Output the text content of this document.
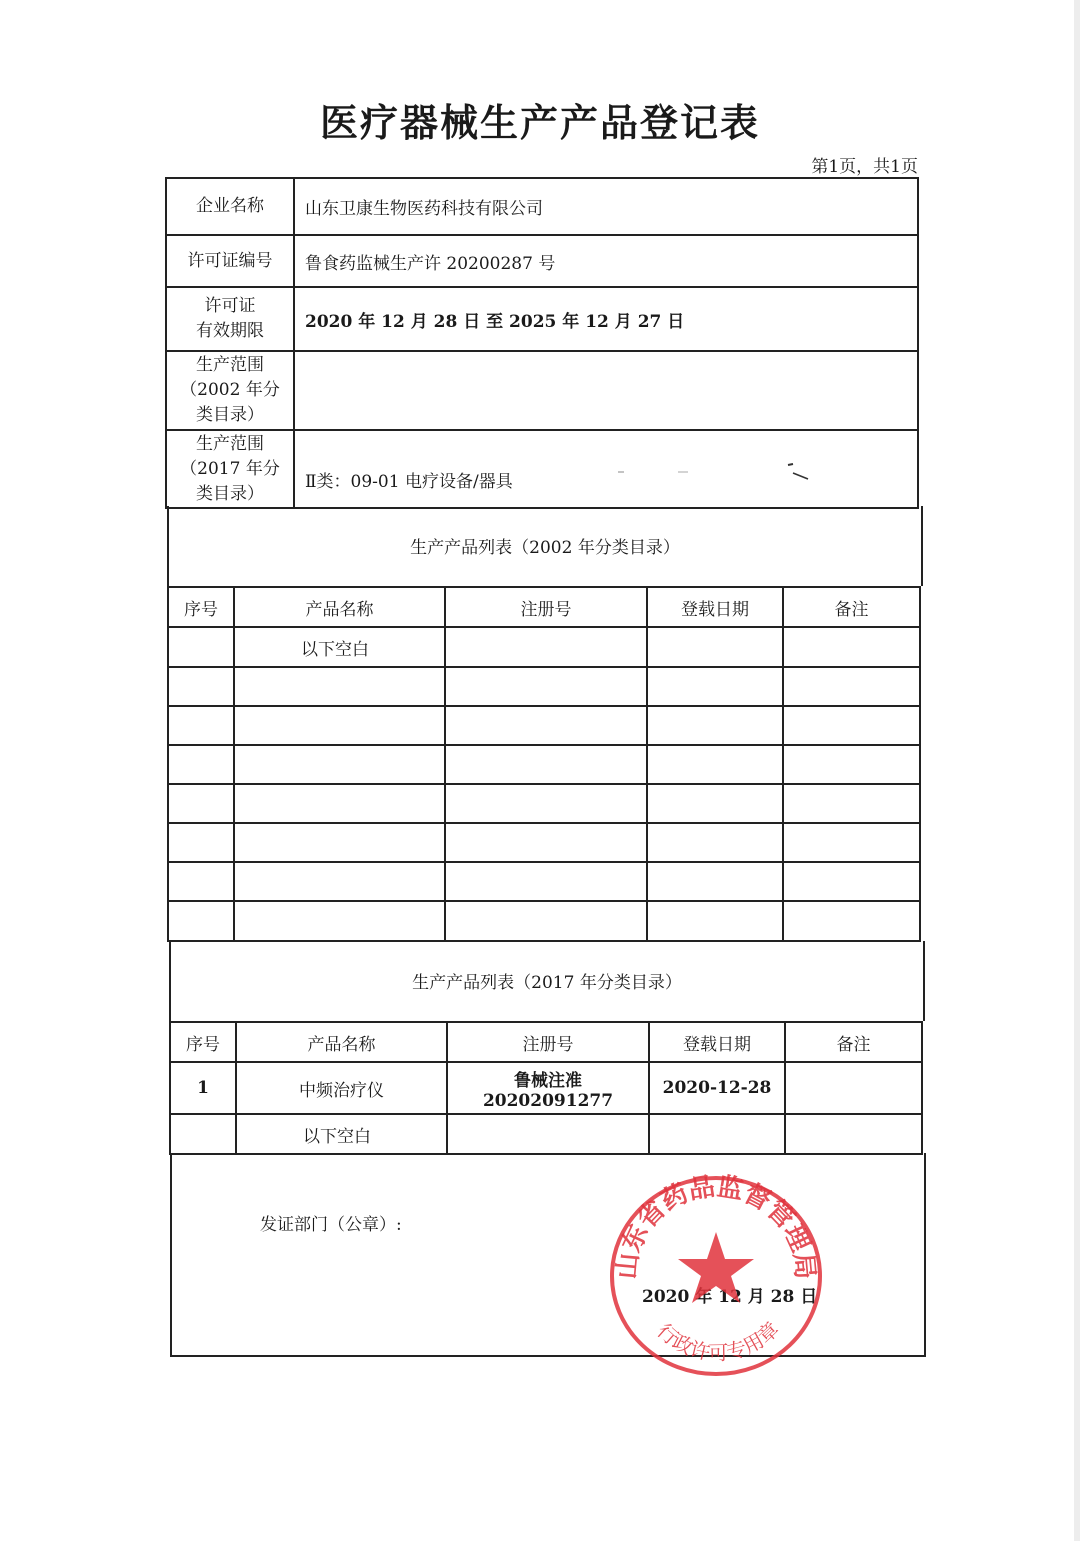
医疗器械生产产品登记表
第1页，共1页
企业名称	山东卫康生物医药科技有限公司
许可证编号	鲁食药监械生产许 20200287 号

许可证
有效期限	2020 年 12 月 28 日 至 2025 年 12 月 27 日

生产范围
（2002 年分
类目录）	

生产范围
（2017 年分
类目录）	Ⅱ类：09-01 电疗设备/器具
生产产品列表（2002 年分类目录）
序号	产品名称	注册号	登载日期	备注
	以下空白			

生产产品列表（2017 年分类目录）
序号	产品名称	注册号	登载日期	备注
1	中频治疗仪	鲁械注准
20202091277	2020-12-28	
	以下空白			
发证部门（公章）:
2020 年 12 月 28 日
山东省药品监督管理局
行政许可专用章
